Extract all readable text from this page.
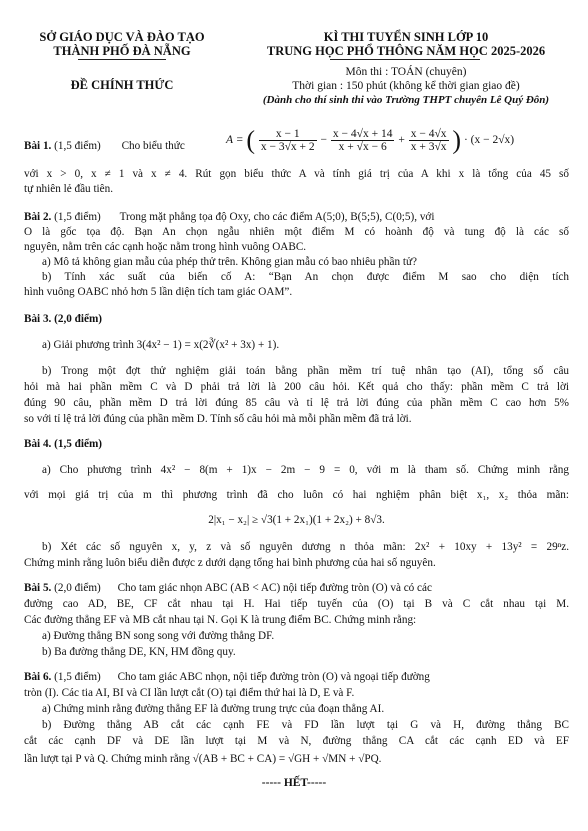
SỞ GIÁO DỤC VÀ ĐÀO TẠO
THÀNH PHỐ ĐÀ NẴNG
ĐỀ CHÍNH THỨC
KÌ THI TUYỂN SINH LỚP 10
TRUNG HỌC PHỔ THÔNG NĂM HỌC 2025-2026
Môn thi : TOÁN (chuyên)
Thời gian : 150 phút (không kể thời gian giao đề)
(Dành cho thí sinh thi vào Trường THPT chuyên Lê Quý Đôn)
Bài 1. (1,5 điểm) Cho biểu thức	A = ( $\frac{x - 1}{x - 3√x + 2} - \frac{x - 4√x + 14}{x + √x - 6} + \frac{x - 4√x}{x + 3√x}$ ) · (x − 2√x)
với x > 0, x ≠ 1 và x ≠ 4. Rút gọn biểu thức A và tính giá trị của A khi x là tổng của 45 số
tự nhiên lẻ đầu tiên.
Bài 2. (1,5 điểm) Trong mặt phẳng tọa độ Oxy, cho các điểm A(5;0), B(5;5), C(0;5), với
O là gốc tọa độ. Bạn An chọn ngẫu nhiên một điểm M có hoành độ và tung độ là các số
nguyên, nằm trên các cạnh hoặc nằm trong hình vuông OABC.
a) Mô tả không gian mẫu của phép thử trên. Không gian mẫu có bao nhiêu phần tử?
b) Tính xác suất của biến cố A: “Bạn An chọn được điểm M sao cho diện tích
hình vuông OABC nhỏ hơn 5 lần diện tích tam giác OAM”.
Bài 3. (2,0 điểm)
a) Giải phương trình 3(4x² − 1) = x(2∛(x² + 3x) + 1).
b) Trong một đợt thử nghiệm giải toán bằng phần mềm trí tuệ nhân tạo (AI), tổng số câu
hỏi mà hai phần mềm C và D phải trả lời là 200 câu hỏi. Kết quả cho thấy: phần mềm C trả lời
đúng 90 câu, phần mềm D trả lời đúng 85 câu và tỉ lệ trả lời đúng của phần mềm C cao hơn 5%
so với tỉ lệ trả lời đúng của phần mềm D. Tính số câu hỏi mà mỗi phần mềm đã trả lời.
Bài 4. (1,5 điểm)
a) Cho phương trình 4x² − 8(m + 1)x − 2m − 9 = 0, với m là tham số. Chứng minh rằng
với mọi giá trị của m thì phương trình đã cho luôn có hai nghiệm phân biệt x₁, x₂ thỏa mãn:
2|x₁ − x₂| ≥ √3(1 + 2x₁)(1 + 2x₂) + 8√3.
b) Xét các số nguyên x, y, z và số nguyên dương n thỏa mãn: 2x² + 10xy + 13y² = 29ⁿz.
Chứng minh rằng luôn biểu diễn được z dưới dạng tổng hai bình phương của hai số nguyên.
Bài 5. (2,0 điểm) Cho tam giác nhọn ABC (AB < AC) nội tiếp đường tròn (O) và có các
đường cao AD, BE, CF cắt nhau tại H. Hai tiếp tuyến của (O) tại B và C cắt nhau tại M.
Các đường thẳng EF và MB cắt nhau tại N. Gọi K là trung điểm BC. Chứng minh rằng:
a) Đường thẳng BN song song với đường thẳng DF.
b) Ba đường thẳng DE, KN, HM đồng quy.
Bài 6. (1,5 điểm) Cho tam giác ABC nhọn, nội tiếp đường tròn (O) và ngoại tiếp đường
tròn (I). Các tia AI, BI và CI lần lượt cắt (O) tại điểm thứ hai là D, E và F.
a) Chứng minh rằng đường thẳng EF là đường trung trực của đoạn thẳng AI.
b) Đường thẳng AB cắt các cạnh FE và FD lần lượt tại G và H, đường thẳng BC
cắt các cạnh DF và DE lần lượt tại M và N, đường thẳng CA cắt các cạnh ED và EF
lần lượt tại P và Q. Chứng minh rằng √(AB + BC + CA) = √GH + √MN + √PQ.
----- HẾT-----
